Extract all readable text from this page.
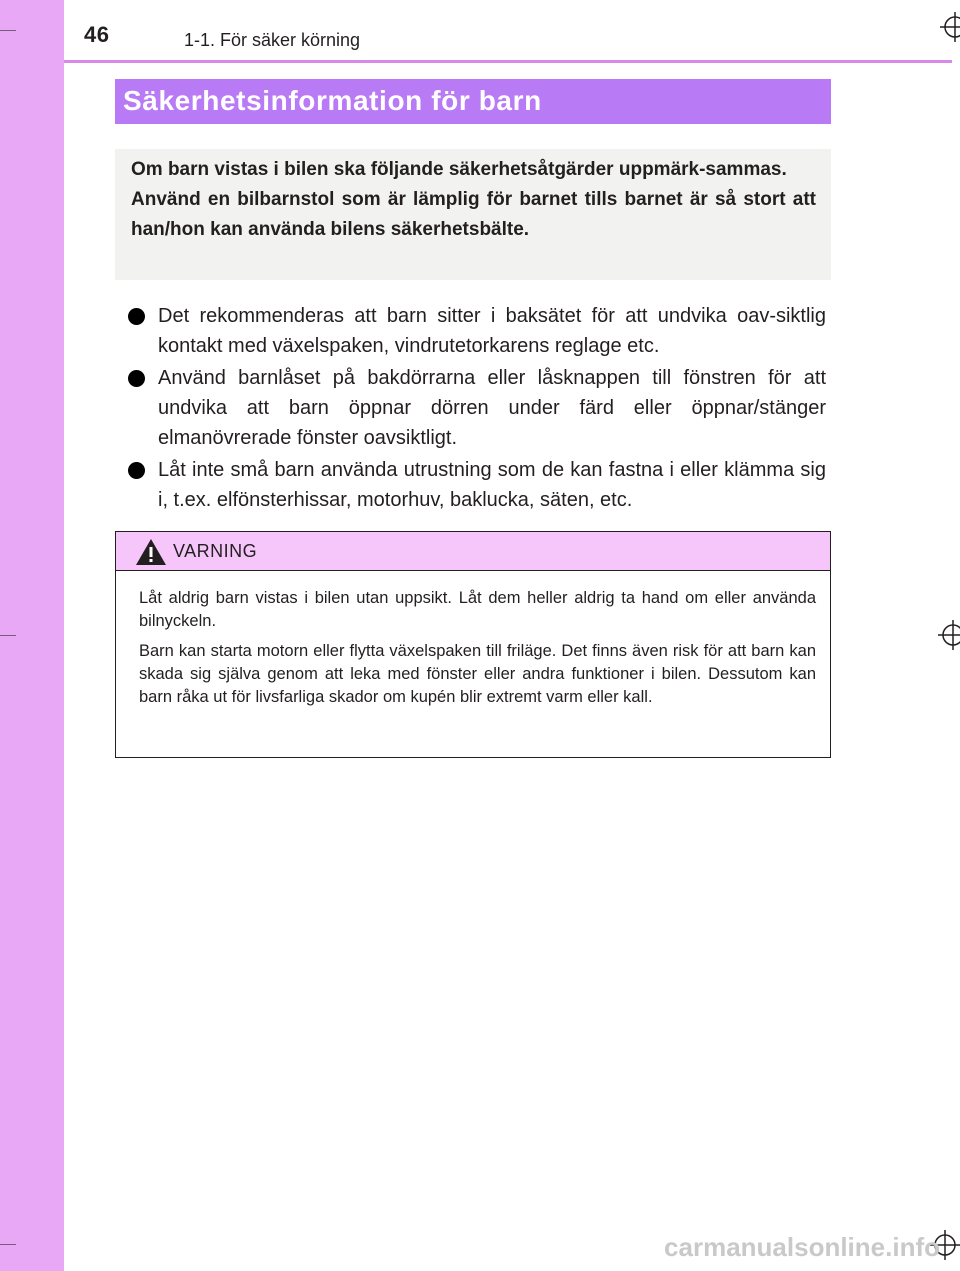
46	1-1. För säker körning
Säkerhetsinformation för barn

Om barn vistas i bilen ska följande säkerhetsåtgärder uppmärk-sammas.

Använd en bilbarnstol som är lämplig för barnet tills barnet är så stort att han/hon kan använda bilens säkerhetsbälte.

Det rekommenderas att barn sitter i baksätet för att undvika oav-siktlig kontakt med växelspaken, vindrutetorkarens reglage etc.
Använd barnlåset på bakdörrarna eller låsknappen till fönstren för att undvika att barn öppnar dörren under färd eller öppnar/stänger elmanövrerade fönster oavsiktligt.
Låt inte små barn använda utrustning som de kan fastna i eller klämma sig i, t.ex. elfönsterhissar, motorhuv, baklucka, säten, etc.
VARNING

Låt aldrig barn vistas i bilen utan uppsikt. Låt dem heller aldrig ta hand om eller använda bilnyckeln.

Barn kan starta motorn eller flytta växelspaken till friläge. Det finns även risk för att barn kan skada sig själva genom att leka med fönster eller andra funktioner i bilen. Dessutom kan barn råka ut för livsfarliga skador om kupén blir extremt varm eller kall.

carmanualsonline.info
